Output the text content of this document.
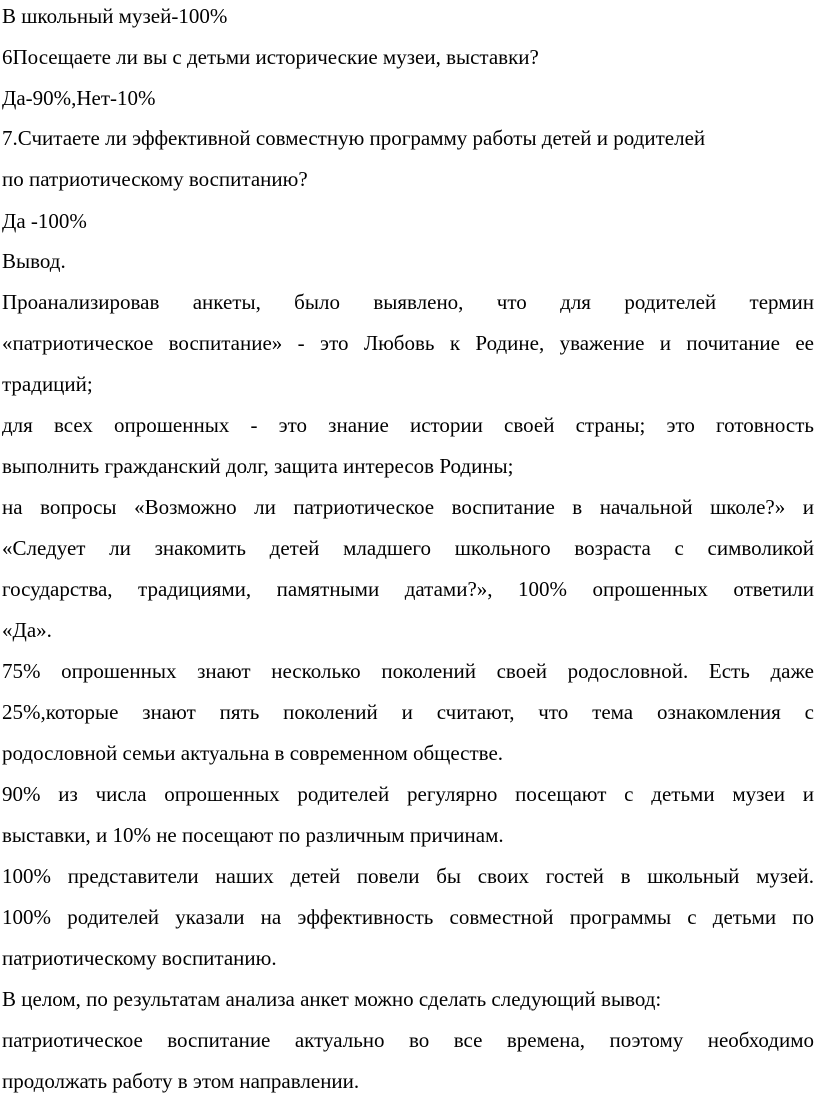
В школьный музей-100%
6Посещаете ли вы с детьми исторические музеи, выставки?
Да-90%,Нет-10%
7.Считаете ли эффективной совместную программу работы детей и родителей
по патриотическому воспитанию?
Да -100%
Вывод.
Проанализировав анкеты, было выявлено, что для родителей термин
«патриотическое воспитание» - это Любовь к Родине, уважение и почитание ее
традиций;
для всех опрошенных - это знание истории своей страны; это готовность
выполнить гражданский долг, защита интересов Родины;
на вопросы «Возможно ли патриотическое воспитание в начальной школе?» и
«Следует ли знакомить детей младшего школьного возраста с символикой
государства, традициями, памятными датами?», 100% опрошенных ответили
«Да».
75% опрошенных знают несколько поколений своей родословной. Есть даже
25%,которые знают пять поколений и считают, что тема ознакомления с
родословной семьи актуальна в современном обществе.
90% из числа опрошенных родителей регулярно посещают с детьми музеи и
выставки, и 10% не посещают по различным причинам.
100% представители наших детей повели бы своих гостей в школьный музей.
100% родителей указали на эффективность совместной программы с детьми по
патриотическому воспитанию.
В целом, по результатам анализа анкет можно сделать следующий вывод:
патриотическое воспитание актуально во все времена, поэтому необходимо
продолжать работу в этом направлении.
